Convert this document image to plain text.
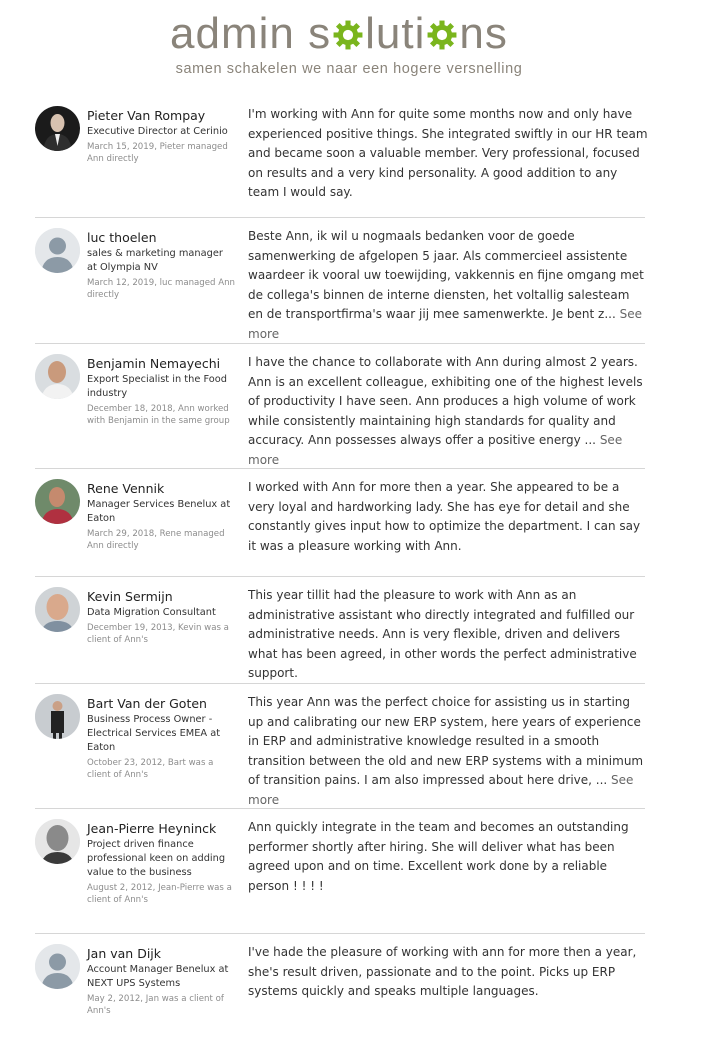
admin s luti ns
samen schakelen we naar een hogere versnelling
Pieter Van Rompay
Executive Director at Cerinio
March 15, 2019, Pieter managed Ann directly
I'm working with Ann for quite some months now and only have experienced positive things. She integrated swiftly in our HR team and became soon a valuable member. Very professional, focused on results and a very kind personality. A good addition to any team I would say.
luc thoelen
sales & marketing manager at Olympia NV
March 12, 2019, luc managed Ann directly
Beste Ann, ik wil u nogmaals bedanken voor de goede samenwerking de afgelopen 5 jaar. Als commercieel assistente waardeer ik vooral uw toewijding, vakkennis en fijne omgang met de collega's binnen de interne diensten, het voltallig salesteam en de transportfirma's waar jij mee samenwerkte. Je bent z... See more
Benjamin Nemayechi
Export Specialist in the Food industry
December 18, 2018, Ann worked with Benjamin in the same group
I have the chance to collaborate with Ann during almost 2 years. Ann is an excellent colleague, exhibiting one of the highest levels of productivity I have seen. Ann produces a high volume of work while consistently maintaining high standards for quality and accuracy. Ann possesses always offer a positive energy ... See more
Rene Vennik
Manager Services Benelux at Eaton
March 29, 2018, Rene managed Ann directly
I worked with Ann for more then a year. She appeared to be a very loyal and hardworking lady. She has eye for detail and she constantly gives input how to optimize the department. I can say it was a pleasure working with Ann.
Kevin Sermijn
Data Migration Consultant
December 19, 2013, Kevin was a client of Ann's
This year tillit had the pleasure to work with Ann as an administrative assistant who directly integrated and fulfilled our administrative needs. Ann is very flexible, driven and delivers what has been agreed, in other words the perfect administrative support.
Bart Van der Goten
Business Process Owner - Electrical Services EMEA at Eaton
October 23, 2012, Bart was a client of Ann's
This year Ann was the perfect choice for assisting us in starting up and calibrating our new ERP system, here years of experience in ERP and administrative knowledge resulted in a smooth transition between the old and new ERP systems with a minimum of transition pains. I am also impressed about here drive, ... See more
Jean-Pierre Heyninck
Project driven finance professional keen on adding value to the business
August 2, 2012, Jean-Pierre was a client of Ann's
Ann quickly integrate in the team and becomes an outstanding performer shortly after hiring. She will deliver what has been agreed upon and on time. Excellent work done by a reliable person ! ! ! !
Jan van Dijk
Account Manager Benelux at NEXT UPS Systems
May 2, 2012, Jan was a client of Ann's
I've hade the pleasure of working with ann for more then a year, she's result driven, passionate and to the point. Picks up ERP systems quickly and speaks multiple languages.
